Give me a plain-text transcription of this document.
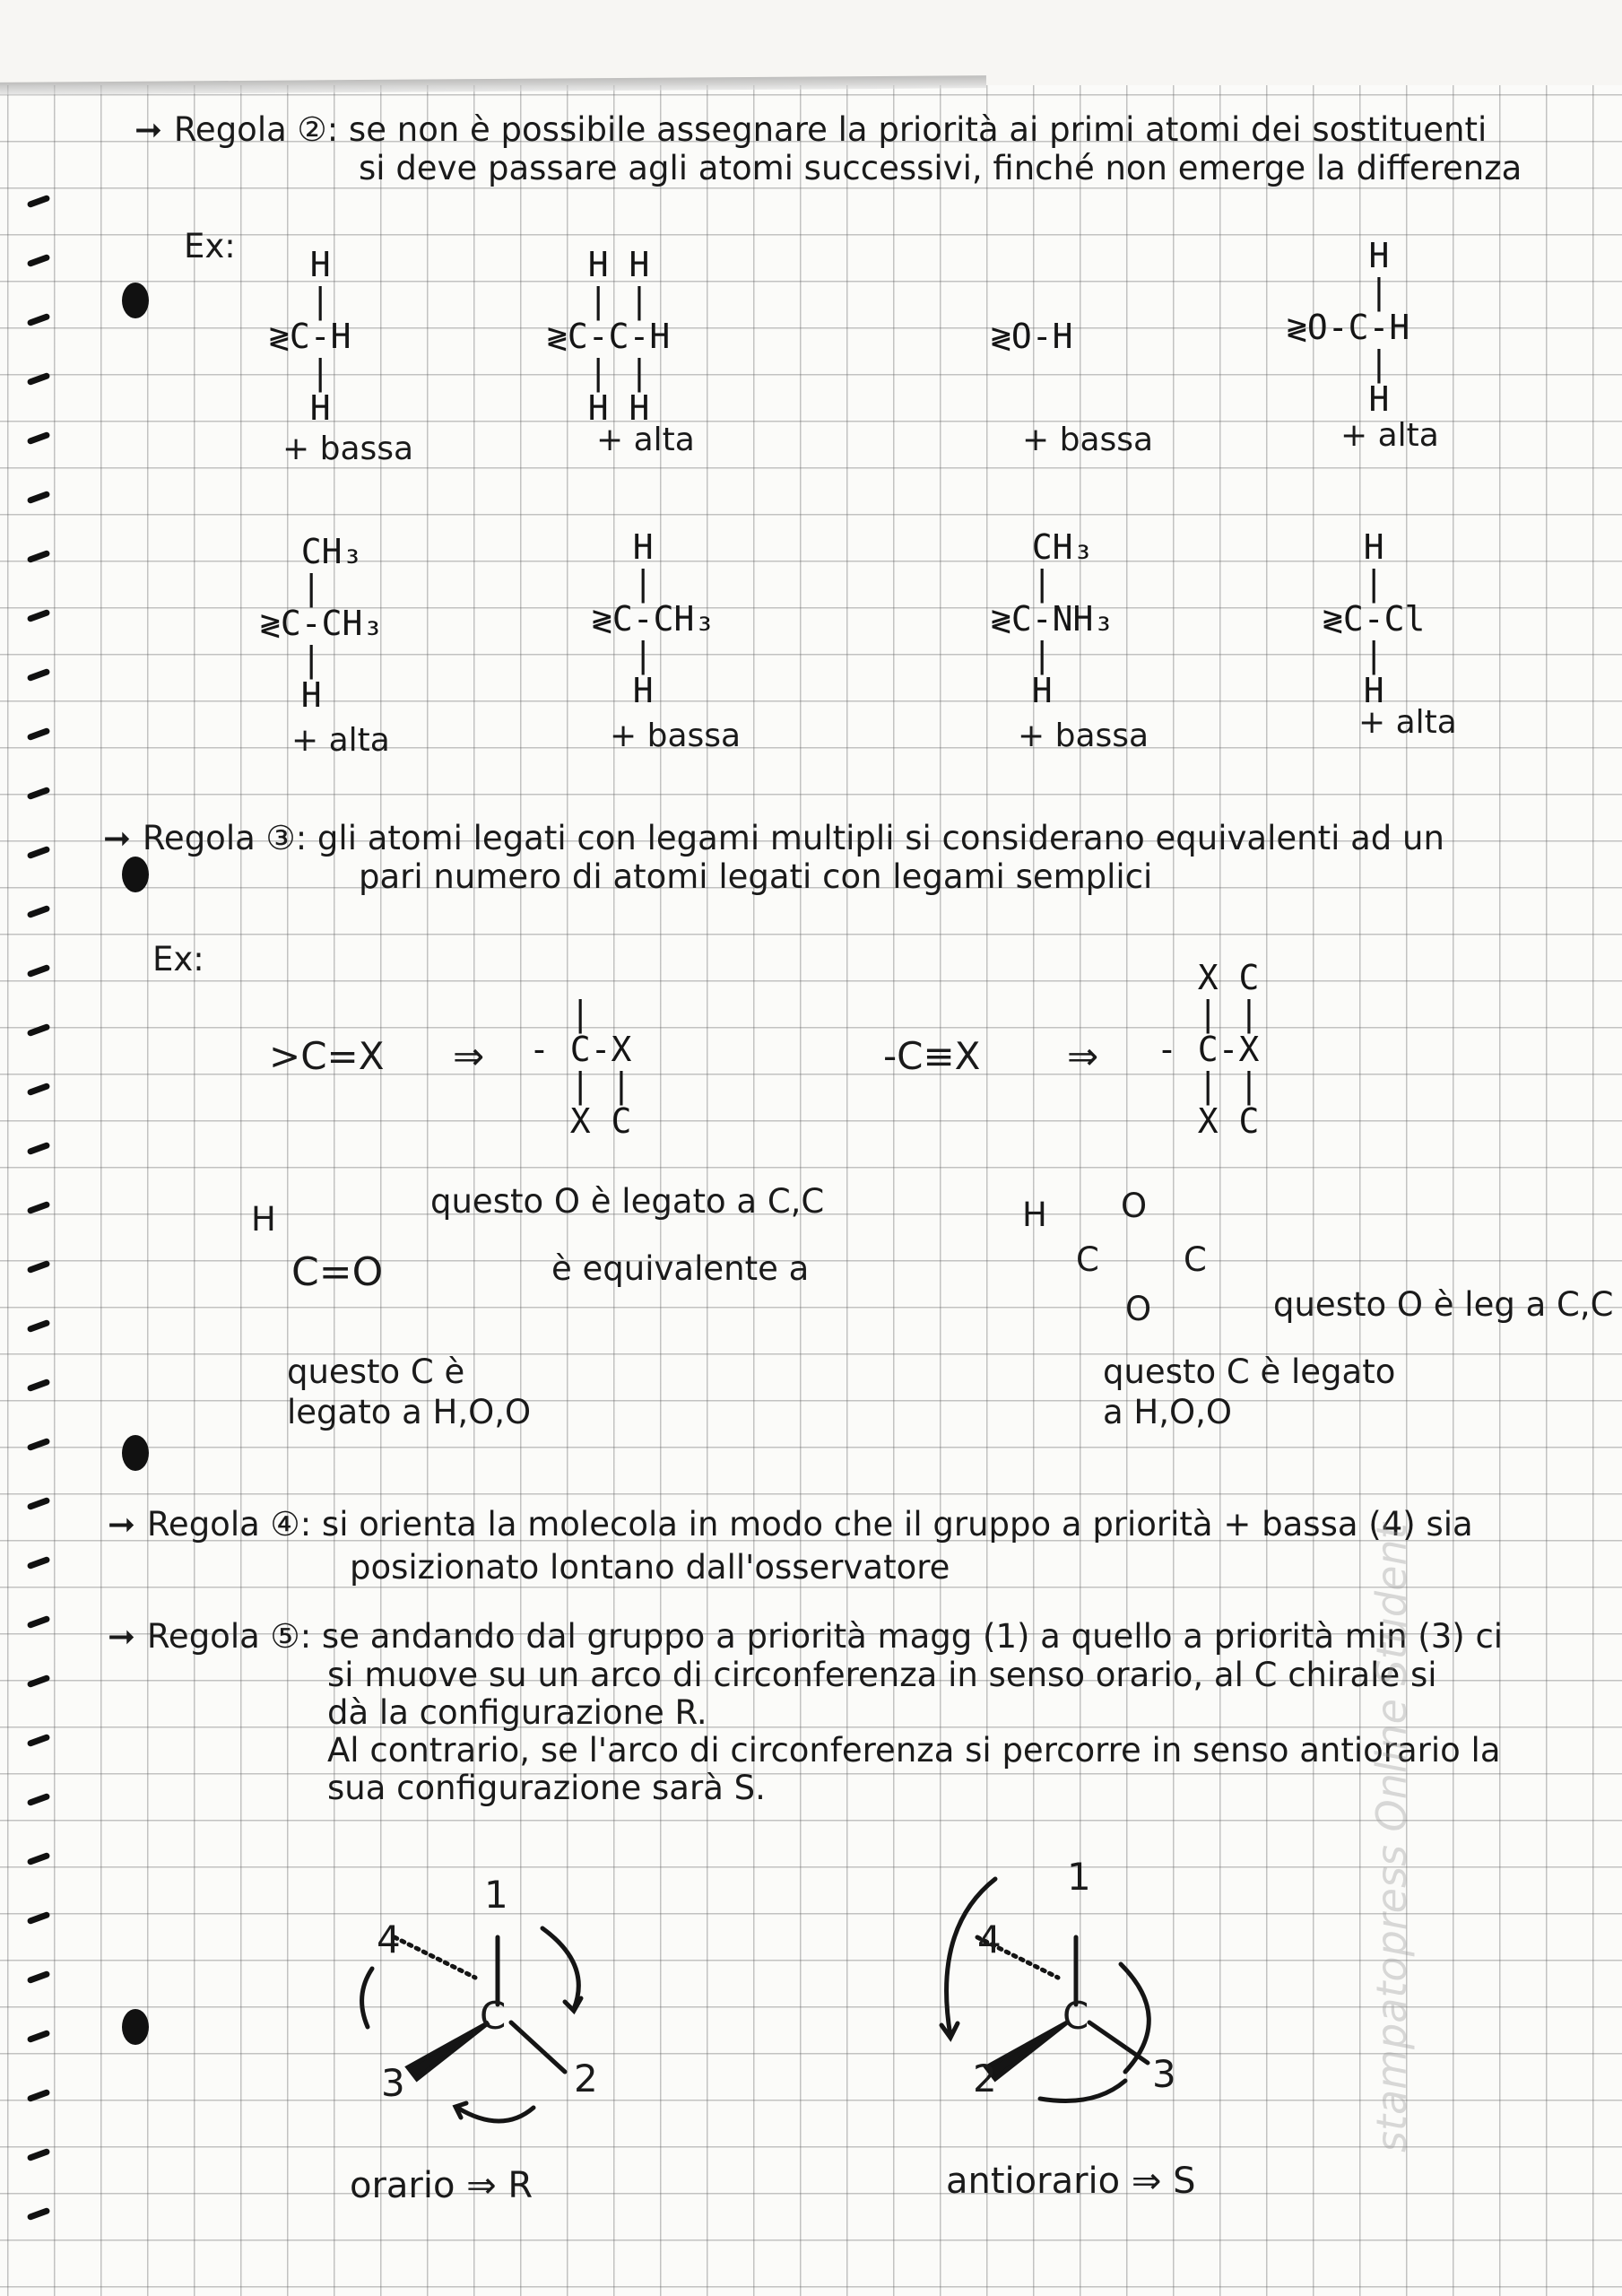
➞ Regola ②: se non è possibile assegnare la priorità ai primi atomi dei sostituenti
si deve passare agli atomi successivi, finché non emerge la differenza
Ex:	H
|
≷C-H
|
H
+ bassa
H H
| |
≷C-C-H
| |
H H
+ alta

≷O-H

+ bassa
H
|
≷O-C-H
|
H
+ alta
CH₃
|
≷C-CH₃
|
H
+ alta
H
|
≷C-CH₃
|
H
+ bassa
CH₃
|
≷C-NH₃
|
H
+ bassa
H
|
≷C-Cl
|
H
+ alta
➞ Regola ③: gli atomi legati con legami multipli si considerano equivalenti ad un
pari numero di atomi legati con legami semplici
Ex:
>C=X ⇒
|
- C-X
| |
X C
-C≡X ⇒
X C
| |
- C-X
| |
X C
H
C=O
questo O è legato a C,C
è equivalente a
questo C è
legato a H,O,O
H O
C	C
O	questo O è leg a C,C
questo C è legato
a H,O,O
➞ Regola ④: si orienta la molecola in modo che il gruppo a priorità + bassa (4) sia
posizionato lontano dall'osservatore
➞ Regola ⑤: se andando dal gruppo a priorità magg (1) a quello a priorità min (3) ci
si muove su un arco di circonferenza in senso orario, al C chirale si
dà la configurazione R.
Al contrario, se l'arco di circonferenza si percorre in senso antiorario la
sua configurazione sarà S.
1
2
3
4
C
orario ⇒ R
1
2	3
4
C
antiorario ⇒ S
stampatopress Online Student
